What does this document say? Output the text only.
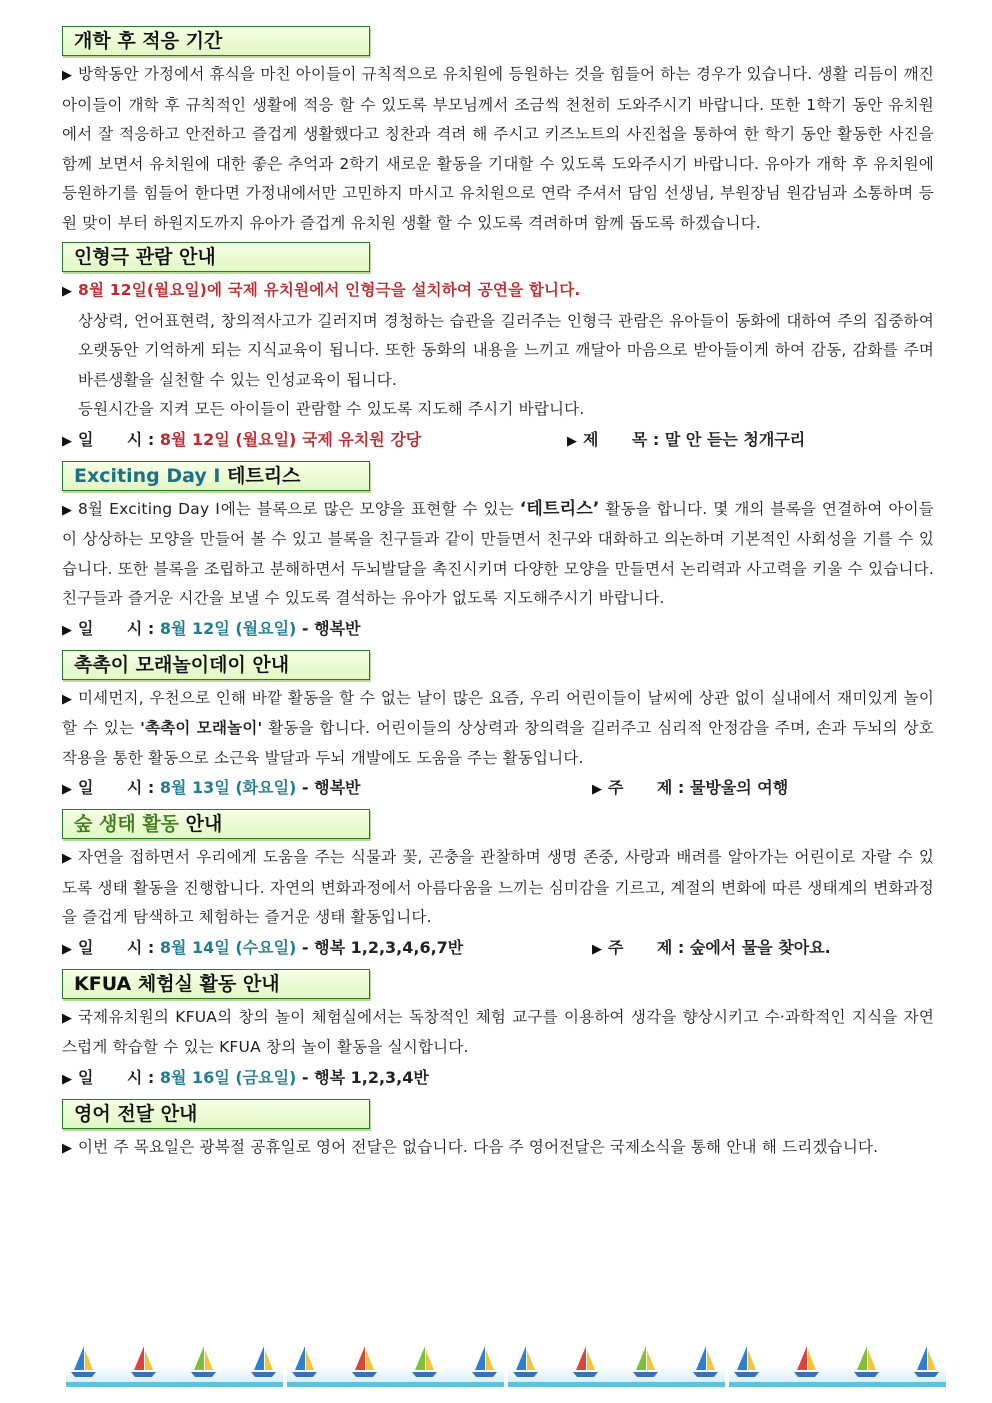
개학 후 적응 기간
▶ 방학동안 가정에서 휴식을 마친 아이들이 규칙적으로 유치원에 등원하는 것을 힘들어 하는 경우가 있습니다. 생활 리듬이 깨진 아이들이 개학 후 규칙적인 생활에 적응 할 수 있도록 부모님께서 조금씩 천천히 도와주시기 바랍니다. 또한 1학기 동안 유치원에서 잘 적응하고 안전하고 즐겁게 생활했다고 칭찬과 격려 해 주시고 키즈노트의 사진첩을 통하여 한 학기 동안 활동한 사진을 함께 보면서 유치원에 대한 좋은 추억과 2학기 새로운 활동을 기대할 수 있도록 도와주시기 바랍니다. 유아가 개학 후 유치원에 등원하기를 힘들어 한다면 가정내에서만 고민하지 마시고 유치원으로 연락 주셔서 담임 선생님, 부원장님 원감님과 소통하며 등원 맞이 부터 하원지도까지 유아가 즐겁게 유치원 생활 할 수 있도록 격려하며 함께 돕도록 하겠습니다.
인형극 관람 안내
▶ 8월 12일(월요일)에 국제 유치원에서 인형극을 설치하여 공연을 합니다.

상상력, 언어표현력, 창의적사고가 길러지며 경청하는 습관을 길러주는 인형극 관람은 유아들이 동화에 대하여 주의 집중하여 오랫동안 기억하게 되는 지식교육이 됩니다. 또한 동화의 내용을 느끼고 깨달아 마음으로 받아들이게 하여 감동, 감화를 주며 바른생활을 실천할 수 있는 인성교육이 됩니다.
등원시간을 지켜 모든 아이들이 관람할 수 있도록 지도해 주시기 바랍니다.
▶ 일      시 : 8월 12일 (월요일) 국제 유치원 강당	▶ 제      목 : 말 안 듣는 청개구리
Exciting Day Ⅰ 테트리스
▶ 8월 Exciting Day Ⅰ에는 블록으로 많은 모양을 표현할 수 있는 ‘테트리스’ 활동을 합니다. 몇 개의 블록을 연결하여 아이들이 상상하는 모양을 만들어 볼 수 있고 블록을 친구들과 같이 만들면서 친구와 대화하고 의논하며 기본적인 사회성을 기를 수 있습니다. 또한 블록을 조립하고 분해하면서 두뇌발달을 촉진시키며 다양한 모양을 만들면서 논리력과 사고력을 키울 수 있습니다. 친구들과 즐거운 시간을 보낼 수 있도록 결석하는 유아가 없도록 지도해주시기 바랍니다.
▶ 일      시 : 8월 12일 (월요일) - 행복반
촉촉이 모래놀이데이 안내
▶ 미세먼지, 우천으로 인해 바깥 활동을 할 수 없는 날이 많은 요즘, 우리 어린이들이 날씨에 상관 없이 실내에서 재미있게 놀이할 수 있는 '촉촉이 모래놀이' 활동을 합니다. 어린이들의 상상력과 창의력을 길러주고 심리적 안정감을 주며, 손과 두뇌의 상호작용을 통한 활동으로 소근육 발달과 두뇌 개발에도 도움을 주는 활동입니다.
▶ 일      시 : 8월 13일 (화요일) - 행복반	▶ 주      제 : 물방울의 여행
숲 생태 활동 안내
▶ 자연을 접하면서 우리에게 도움을 주는 식물과 꽃, 곤충을 관찰하며 생명 존중, 사랑과 배려를 알아가는 어린이로 자랄 수 있도록 생태 활동을 진행합니다. 자연의 변화과정에서 아름다움을 느끼는 심미감을 기르고, 계절의 변화에 따른 생태계의 변화과정을 즐겁게 탐색하고 체험하는 즐거운 생태 활동입니다.
▶ 일      시 : 8월 14일 (수요일) - 행복 1,2,3,4,6,7반	▶ 주      제 : 숲에서 물을 찾아요.
KFUA 체험실 활동 안내
▶ 국제유치원의 KFUA의 창의 놀이 체험실에서는 독창적인 체험 교구를 이용하여 생각을 향상시키고 수·과학적인 지식을 자연스럽게 학습할 수 있는 KFUA 창의 놀이 활동을 실시합니다.
▶ 일      시 : 8월 16일 (금요일) - 행복 1,2,3,4반
영어 전달 안내
▶ 이번 주 목요일은 광복절 공휴일로 영어 전달은 없습니다. 다음 주 영어전달은 국제소식을 통해 안내 해 드리겠습니다.
